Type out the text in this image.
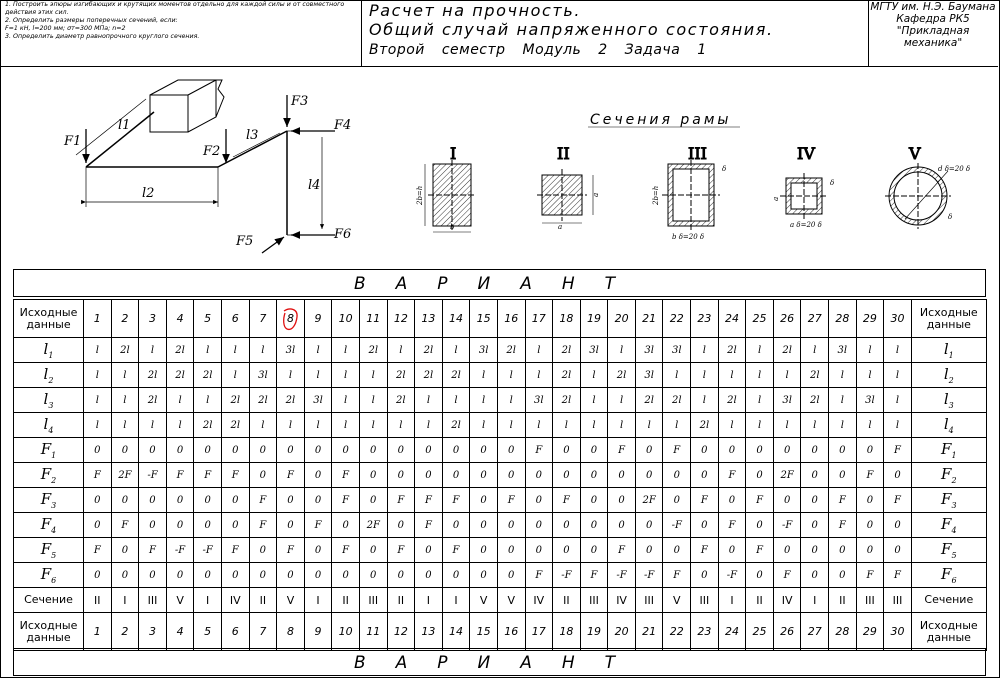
1. Построить эпюры изгибающих и крутящих моментов отдельно для каждой силы и от совместного
действия этих сил.
2. Определить размеры поперечных сечений, если:
F=1 кН, l=200 мм; σт=300 МПа; n=2
3. Определить диаметр равнопрочного круглого сечения.
Расчет на прочность.
Общий случай напряженного состояния.
Второй семестр Модуль 2 Задача 1
МГТУ им. Н.Э. Баумана
Кафедра РК5
"Прикладная механика"
F1
F2
F3
F4
F5	F6
l1
l2
l3
l4
Сечения рамы
I
2b=h
b
II
a
a
III
2b=h
δ
b δ=20 δ
IV
a
δ
a δ=20 δ
V
d δ=20 δ
δ
ВАРИАНТ
Исходные данные	1	2	3	4	5	6	7	8	9	10	11	12	13	14	15	16	17	18	19	20	21	22	23	24	25	26	27	28	29	30	Исходные данные
$l_1$	l	2l	l	2l	l	l	l	3l	l	l	2l	l	2l	l	3l	2l	l	2l	3l	l	3l	3l	l	2l	l	2l	l	3l	l	l	$l_1$
$l_2$	l	l	2l	2l	2l	l	3l	l	l	l	l	2l	2l	2l	l	l	l	2l	l	2l	3l	l	l	l	l	l	2l	l	l	l	$l_2$
$l_3$	l	l	2l	l	l	2l	2l	2l	3l	l	l	2l	l	l	l	l	3l	2l	l	l	2l	2l	l	2l	l	3l	2l	l	3l	l	$l_3$
$l_4$	l	l	l	l	2l	2l	l	l	l	l	l	l	l	2l	l	l	l	l	l	l	l	l	2l	l	l	l	l	l	l	l	$l_4$
$F_1$	0	0	0	0	0	0	0	0	0	0	0	0	0	0	0	0	F	0	0	F	0	F	0	0	0	0	0	0	0	F	$F_1$
$F_2$	F	2F	-F	F	F	F	0	F	0	F	0	0	0	0	0	0	0	0	0	0	0	0	0	F	0	2F	0	0	F	0	$F_2$
$F_3$	0	0	0	0	0	0	F	0	0	F	0	F	F	F	0	F	0	F	0	0	2F	0	F	0	F	0	0	F	0	F	$F_3$
$F_4$	0	F	0	0	0	0	F	0	F	0	2F	0	F	0	0	0	0	0	0	0	0	-F	0	F	0	-F	0	F	0	0	$F_4$
$F_5$	F	0	F	-F	-F	F	0	F	0	F	0	F	0	F	0	0	0	0	0	F	0	0	F	0	F	0	0	0	0	0	$F_5$
$F_6$	0	0	0	0	0	0	0	0	0	0	0	0	0	0	0	0	F	-F	F	-F	-F	F	0	-F	0	F	0	0	F	F	$F_6$
Сечение	II	I	III	V	I	IV	II	V	I	II	III	II	I	I	V	V	IV	II	III	IV	III	V	III	I	II	IV	I	II	III	III	Сечение
Исходные данные	1	2	3	4	5	6	7	8	9	10	11	12	13	14	15	16	17	18	19	20	21	22	23	24	25	26	27	28	29	30	Исходные данные
ВАРИАНТ
